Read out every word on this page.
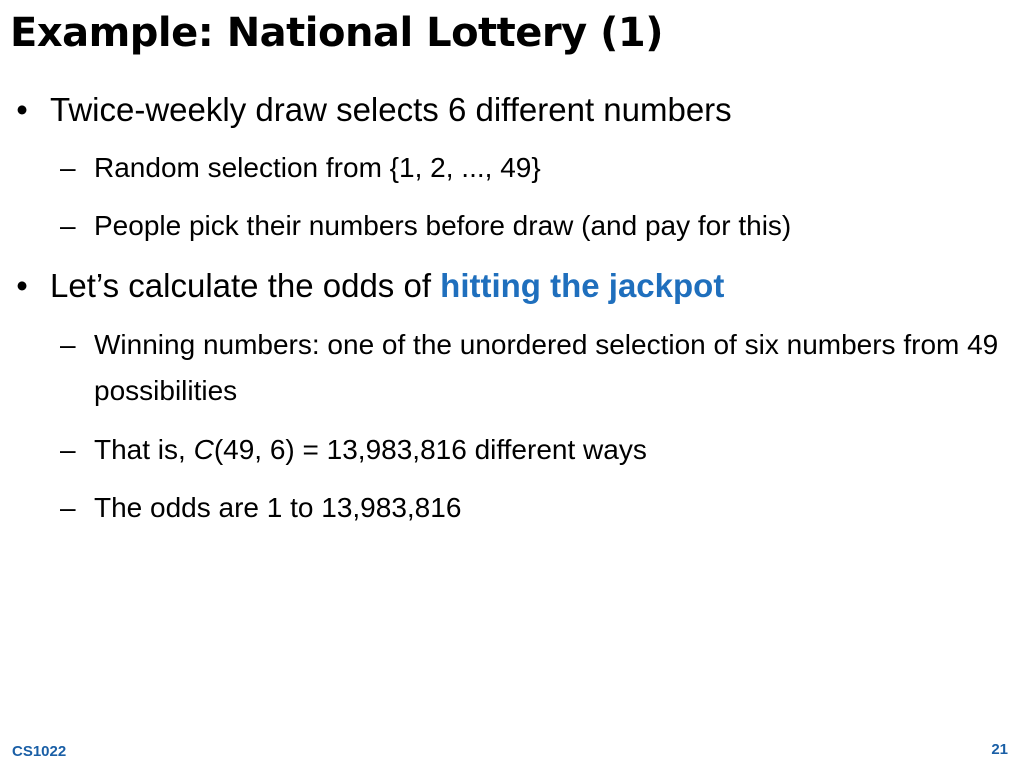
Example: National Lottery (1)
• Twice-weekly draw selects 6 different numbers
– Random selection from {1, 2, ..., 49}
– People pick their numbers before draw (and pay for this)
• Let’s calculate the odds of hitting the jackpot
– Winning numbers: one of the unordered selection of six numbers from 49 possibilities
– That is, C(49, 6) = 13,983,816 different ways
– The odds are 1 to 13,983,816
CS1022	21
